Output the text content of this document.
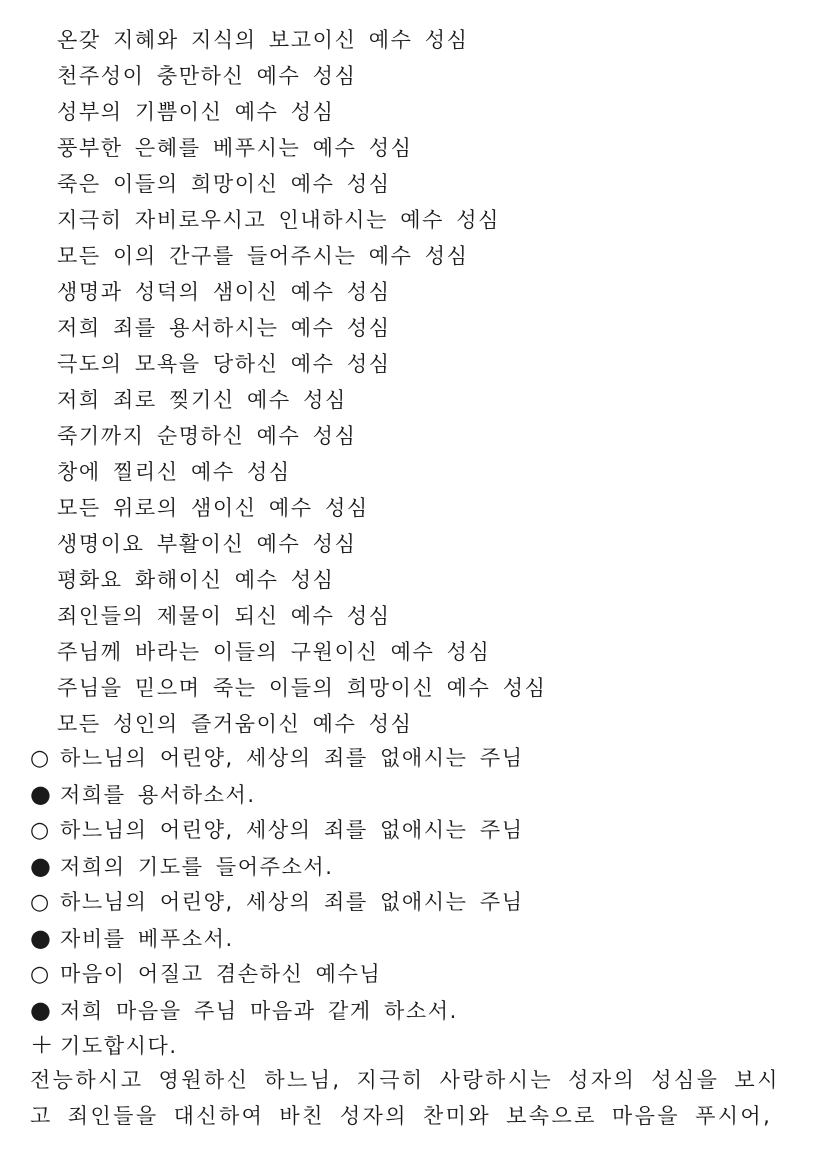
온갖 지혜와 지식의 보고이신 예수 성심
천주성이 충만하신 예수 성심
성부의 기쁨이신 예수 성심
풍부한 은혜를 베푸시는 예수 성심
죽은 이들의 희망이신 예수 성심
지극히 자비로우시고 인내하시는 예수 성심
모든 이의 간구를 들어주시는 예수 성심
생명과 성덕의 샘이신 예수 성심
저희 죄를 용서하시는 예수 성심
극도의 모욕을 당하신 예수 성심
저희 죄로 찢기신 예수 성심
죽기까지 순명하신 예수 성심
창에 찔리신 예수 성심
모든 위로의 샘이신 예수 성심
생명이요 부활이신 예수 성심
평화요 화해이신 예수 성심
죄인들의 제물이 되신 예수 성심
주님께 바라는 이들의 구원이신 예수 성심
주님을 믿으며 죽는 이들의 희망이신 예수 성심
모든 성인의 즐거움이신 예수 성심
○ 하느님의 어린양, 세상의 죄를 없애시는 주님
● 저희를 용서하소서.
○ 하느님의 어린양, 세상의 죄를 없애시는 주님
● 저희의 기도를 들어주소서.
○ 하느님의 어린양, 세상의 죄를 없애시는 주님
● 자비를 베푸소서.
○ 마음이 어질고 겸손하신 예수님
● 저희 마음을 주님 마음과 같게 하소서.
+ 기도합시다.
전능하시고 영원하신 하느님, 지극히 사랑하시는 성자의 성심을 보시
고 죄인들을 대신하여 바친 성자의 찬미와 보속으로 마음을 푸시어,
